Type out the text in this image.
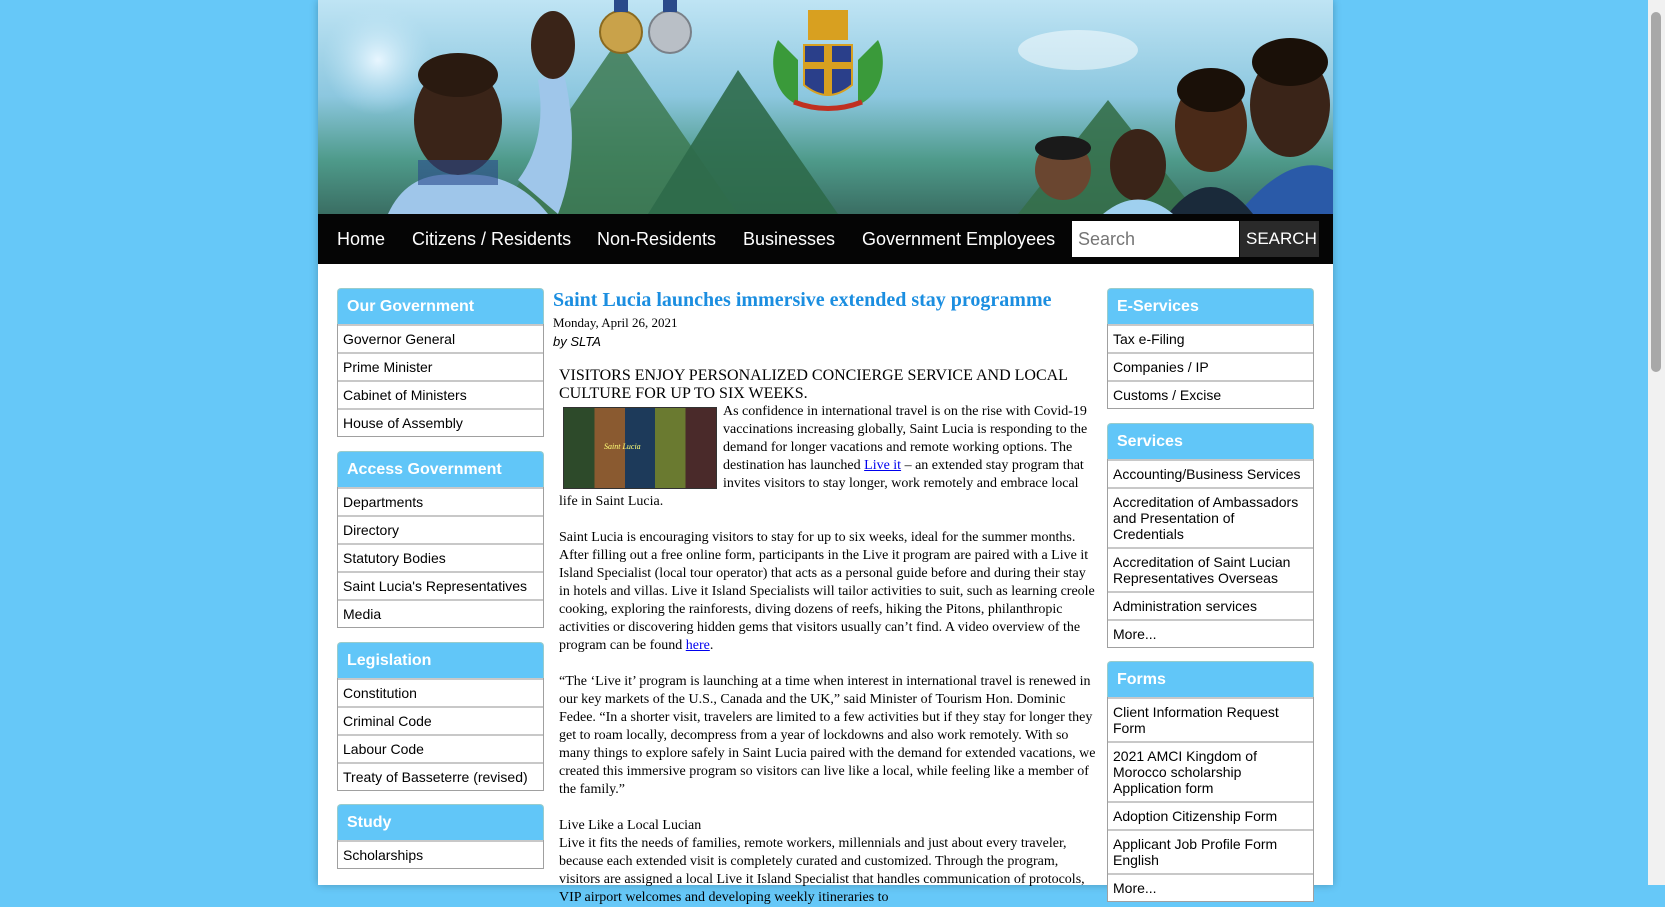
Home Citizens / Residents Non-Residents Businesses Government Employees
Search	SEARCH
Our Government
Governor General
Prime Minister
Cabinet of Ministers
House of Assembly
Access Government
Departments
Directory
Statutory Bodies
Saint Lucia's Representatives
Media
Legislation
Constitution
Criminal Code
Labour Code
Treaty of Basseterre (revised)
Study
Scholarships
Saint Lucia launches immersive extended stay programme
Monday, April 26, 2021
by SLTA

VISITORS ENJOY PERSONALIZED CONCIERGE SERVICE AND LOCAL CULTURE FOR UP TO SIX WEEKS.

Saint Lucia

As confidence in international travel is on the rise with Covid-19 vaccinations increasing globally, Saint Lucia is responding to the demand for longer vacations and remote working options. The destination has launched Live it – an extended stay program that invites visitors to stay longer, work remotely and embrace local life in Saint Lucia.

Saint Lucia is encouraging visitors to stay for up to six weeks, ideal for the summer months. After filling out a free online form, participants in the Live it program are paired with a Live it Island Specialist (local tour operator) that acts as a personal guide before and during their stay in hotels and villas. Live it Island Specialists will tailor activities to suit, such as learning creole cooking, exploring the rainforests, diving dozens of reefs, hiking the Pitons, philanthropic activities or discovering hidden gems that visitors usually can’t find. A video overview of the program can be found here.

“The ‘Live it’ program is launching at a time when interest in international travel is renewed in our key markets of the U.S., Canada and the UK,” said Minister of Tourism Hon. Dominic Fedee. “In a shorter visit, travelers are limited to a few activities but if they stay for longer they get to roam locally, decompress from a year of lockdowns and also work remotely. With so many things to explore safely in Saint Lucia paired with the demand for extended vacations, we created this immersive program so visitors can live like a local, while feeling like a member of the family.”

Live Like a Local Lucian

Live it fits the needs of families, remote workers, millennials and just about every traveler, because each extended visit is completely curated and customized. Through the program, visitors are assigned a local Live it Island Specialist that handles communication of protocols, VIP airport welcomes and developing weekly itineraries to

E-Services
Tax e-Filing
Companies / IP
Customs / Excise
Services
Accounting/Business Services
Accreditation of Ambassadors and Presentation of Credentials
Accreditation of Saint Lucian Representatives Overseas
Administration services
More...
Forms
Client Information Request Form
2021 AMCI Kingdom of Morocco scholarship Application form
Adoption Citizenship Form
Applicant Job Profile Form English
More...
